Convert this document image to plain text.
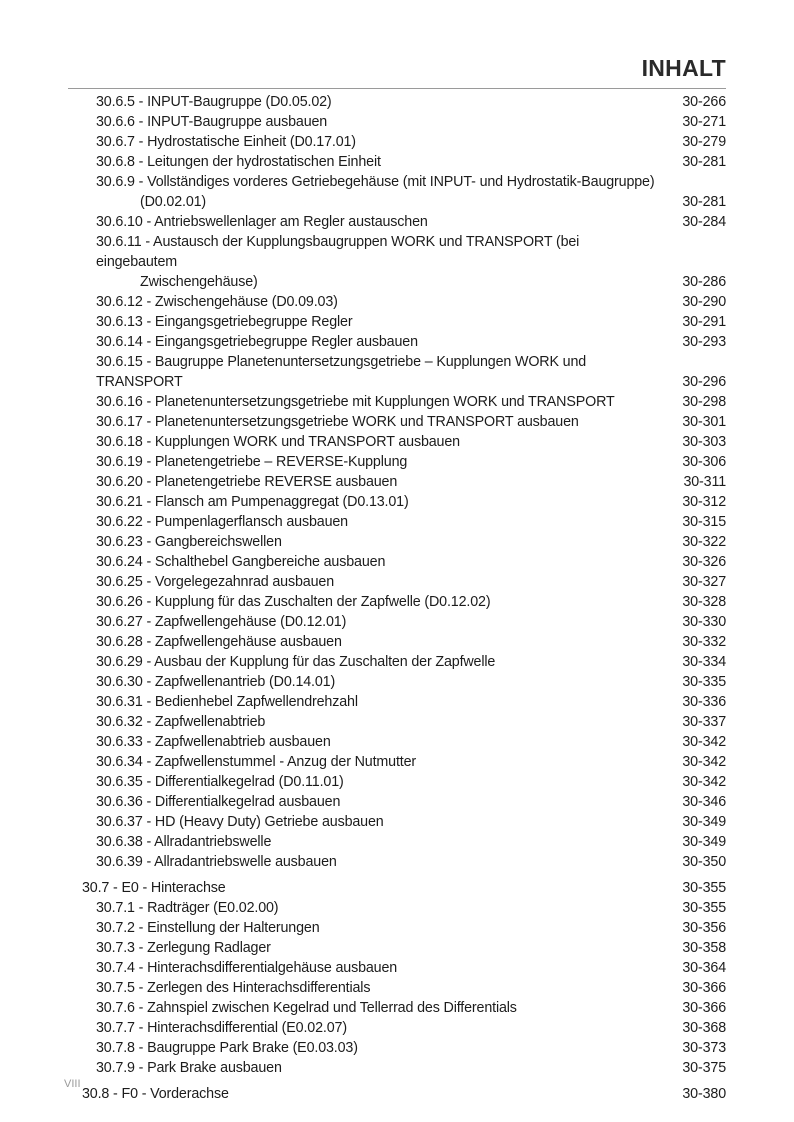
INHALT
30.6.5 - INPUT-Baugruppe (D0.05.02)	30-266
30.6.6 - INPUT-Baugruppe ausbauen	30-271
30.6.7 - Hydrostatische Einheit (D0.17.01)	30-279
30.6.8 - Leitungen der hydrostatischen Einheit	30-281
30.6.9 - Vollständiges vorderes Getriebegehäuse (mit INPUT- und Hydrostatik-Baugruppe)
(D0.02.01)	30-281
30.6.10 - Antriebswellenlager am Regler austauschen	30-284
30.6.11 - Austausch der Kupplungsbaugruppen WORK und TRANSPORT (bei eingebautem
Zwischengehäuse)	30-286
30.6.12 - Zwischengehäuse (D0.09.03)	30-290
30.6.13 - Eingangsgetriebegruppe Regler	30-291
30.6.14 - Eingangsgetriebegruppe Regler ausbauen	30-293
30.6.15 - Baugruppe Planetenuntersetzungsgetriebe – Kupplungen WORK und TRANSPORT	30-296
30.6.16 - Planetenuntersetzungsgetriebe mit Kupplungen WORK und TRANSPORT	30-298
30.6.17 - Planetenuntersetzungsgetriebe WORK und TRANSPORT ausbauen	30-301
30.6.18 - Kupplungen WORK und TRANSPORT ausbauen	30-303
30.6.19 - Planetengetriebe – REVERSE-Kupplung	30-306
30.6.20 - Planetengetriebe REVERSE ausbauen	30-311
30.6.21 - Flansch am Pumpenaggregat (D0.13.01)	30-312
30.6.22 - Pumpenlagerflansch ausbauen	30-315
30.6.23 - Gangbereichswellen	30-322
30.6.24 - Schalthebel Gangbereiche ausbauen	30-326
30.6.25 - Vorgelegezahnrad ausbauen	30-327
30.6.26 - Kupplung für das Zuschalten der Zapfwelle (D0.12.02)	30-328
30.6.27 - Zapfwellengehäuse (D0.12.01)	30-330
30.6.28 - Zapfwellengehäuse ausbauen	30-332
30.6.29 - Ausbau der Kupplung für das Zuschalten der Zapfwelle	30-334
30.6.30 - Zapfwellenantrieb (D0.14.01)	30-335
30.6.31 - Bedienhebel Zapfwellendrehzahl	30-336
30.6.32 - Zapfwellenabtrieb	30-337
30.6.33 - Zapfwellenabtrieb ausbauen	30-342
30.6.34 - Zapfwellenstummel - Anzug der Nutmutter	30-342
30.6.35 - Differentialkegelrad (D0.11.01)	30-342
30.6.36 - Differentialkegelrad ausbauen	30-346
30.6.37 - HD (Heavy Duty) Getriebe ausbauen	30-349
30.6.38 - Allradantriebswelle	30-349
30.6.39 - Allradantriebswelle ausbauen	30-350
30.7 - E0 - Hinterachse	30-355
30.7.1 - Radträger (E0.02.00)	30-355
30.7.2 - Einstellung der Halterungen	30-356
30.7.3 - Zerlegung Radlager	30-358
30.7.4 - Hinterachsdifferentialgehäuse ausbauen	30-364
30.7.5 - Zerlegen des Hinterachsdifferentials	30-366
30.7.6 - Zahnspiel zwischen Kegelrad und Tellerrad des Differentials	30-366
30.7.7 - Hinterachsdifferential (E0.02.07)	30-368
30.7.8 - Baugruppe Park Brake (E0.03.03)	30-373
30.7.9 - Park Brake ausbauen	30-375
30.8 - F0 - Vorderachse	30-380
VIII
